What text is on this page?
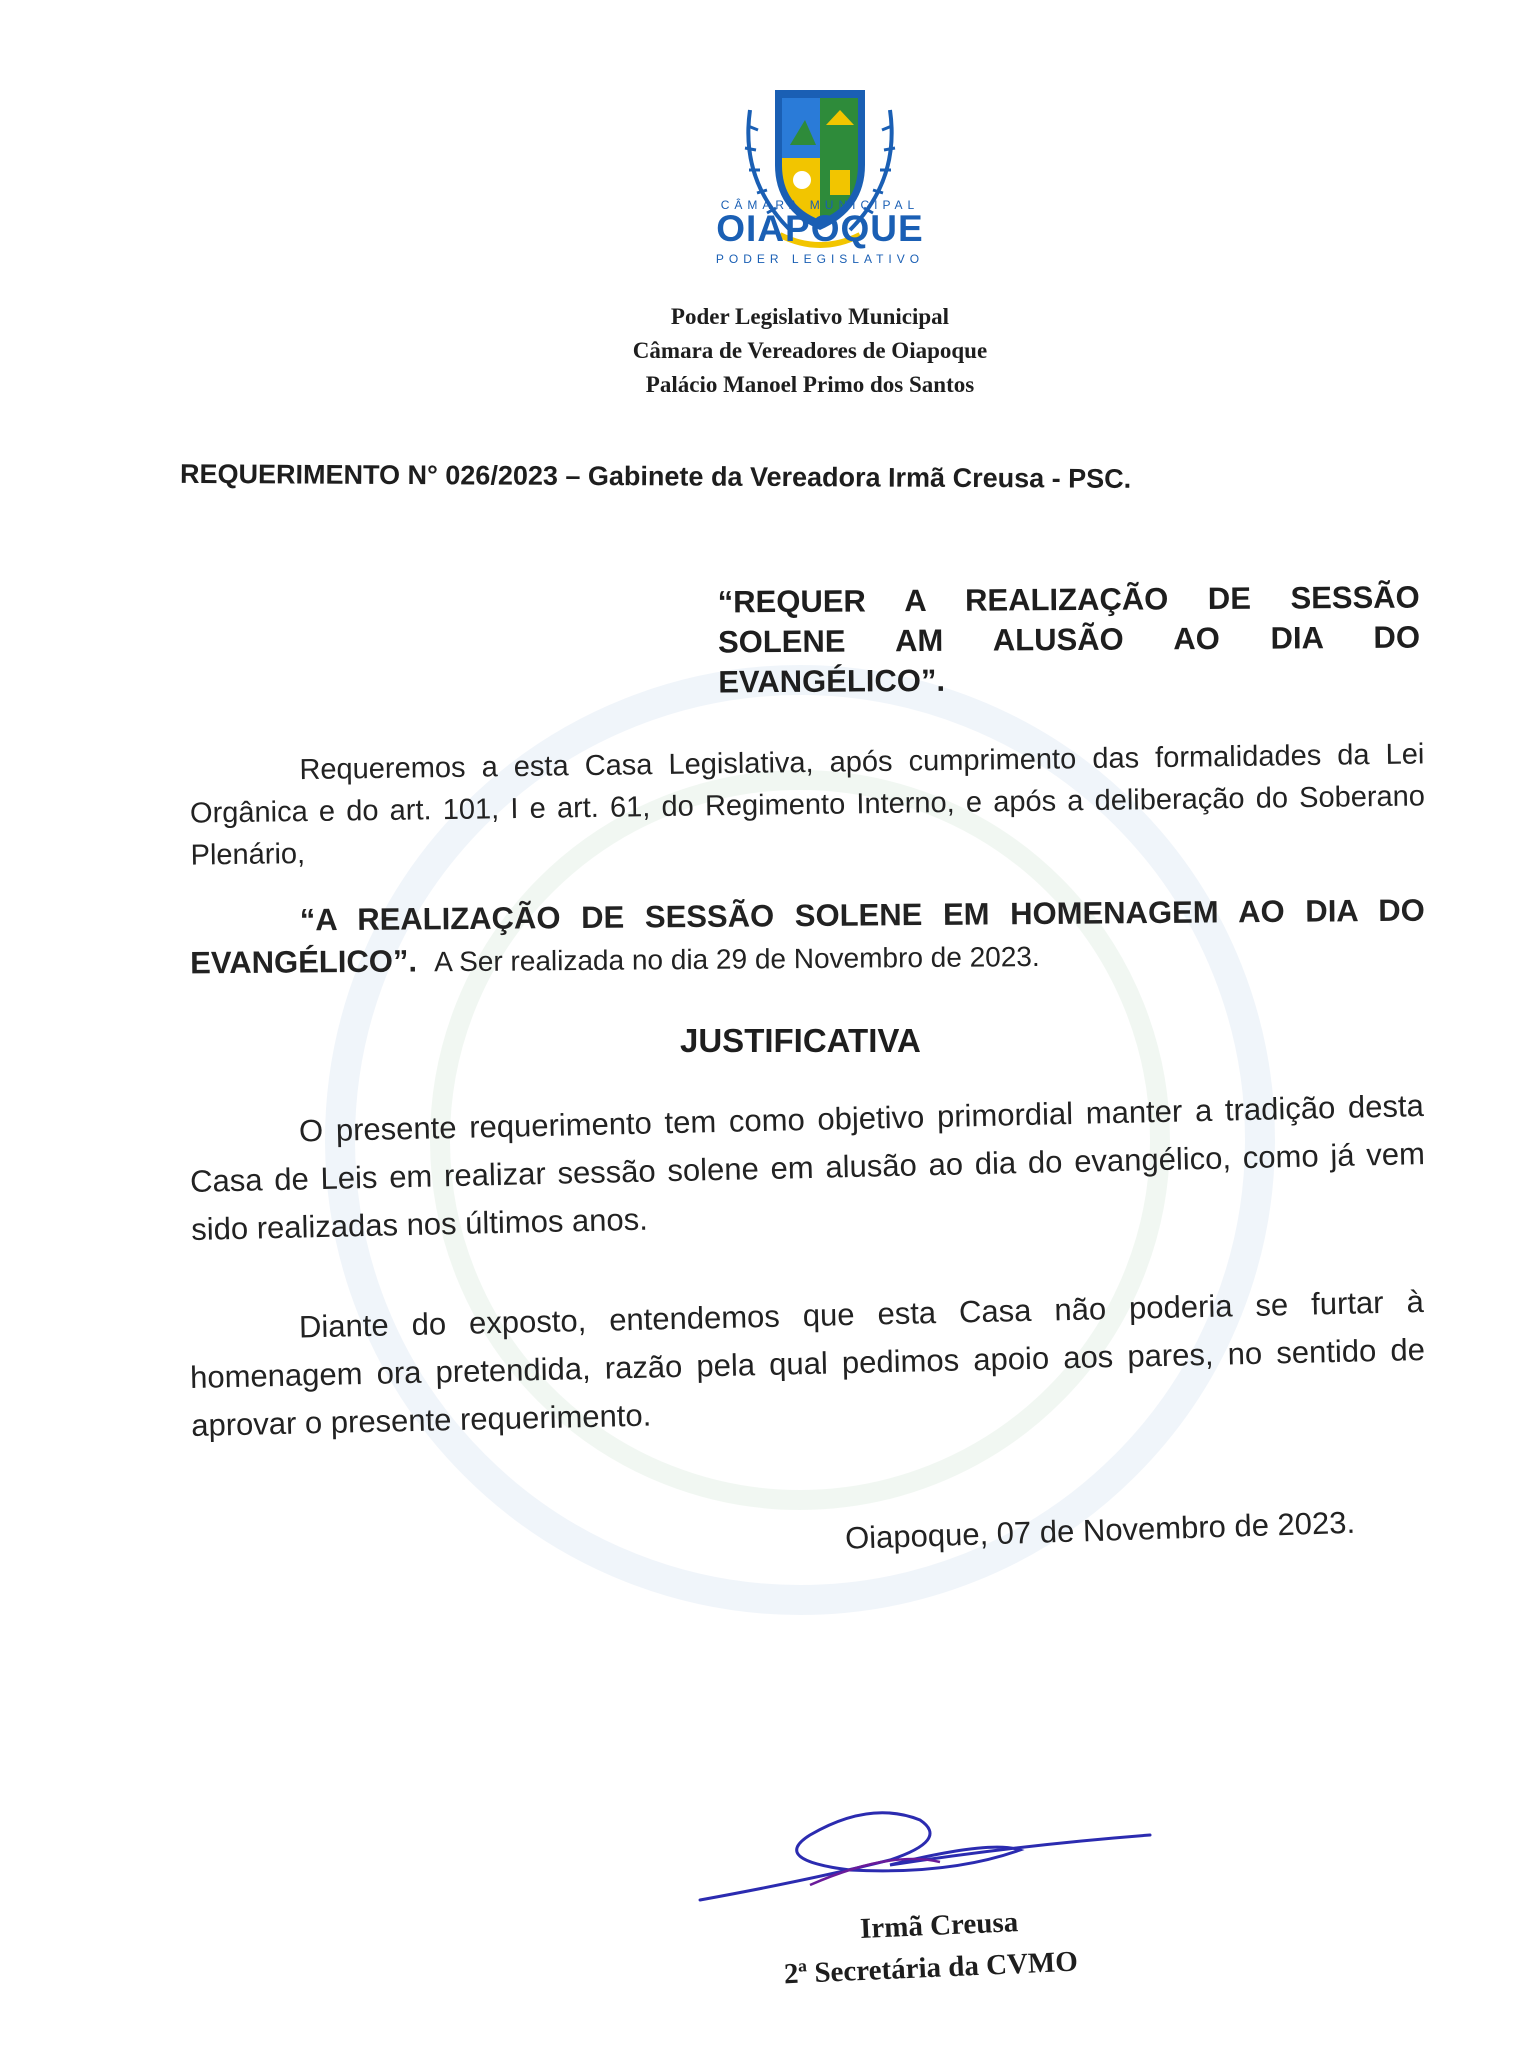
CÂMARA MUNICIPAL
OIAPOQUE
PODER LEGISLATIVO
Poder Legislativo Municipal
Câmara de Vereadores de Oiapoque
Palácio Manoel Primo dos Santos
REQUERIMENTO N° 026/2023 – Gabinete da Vereadora Irmã Creusa - PSC.
“REQUER A REALIZAÇÃO DE SESSÃO SOLENE AM ALUSÃO AO DIA DO EVANGÉLICO”.
Requeremos a esta Casa Legislativa, após cumprimento das formalidades da Lei Orgânica e do art. 101, I e art. 61, do Regimento Interno, e após a deliberação do Soberano Plenário,
“A REALIZAÇÃO DE SESSÃO SOLENE EM HOMENAGEM AO DIA DO EVANGÉLICO”. A Ser realizada no dia 29 de Novembro de 2023.
JUSTIFICATIVA
O presente requerimento tem como objetivo primordial manter a tradição desta Casa de Leis em realizar sessão solene em alusão ao dia do evangélico, como já vem sido realizadas nos últimos anos.
Diante do exposto, entendemos que esta Casa não poderia se furtar à homenagem ora pretendida, razão pela qual pedimos apoio aos pares, no sentido de aprovar o presente requerimento.
Oiapoque, 07 de Novembro de 2023.
Irmã Creusa
2ª Secretária da CVMO
